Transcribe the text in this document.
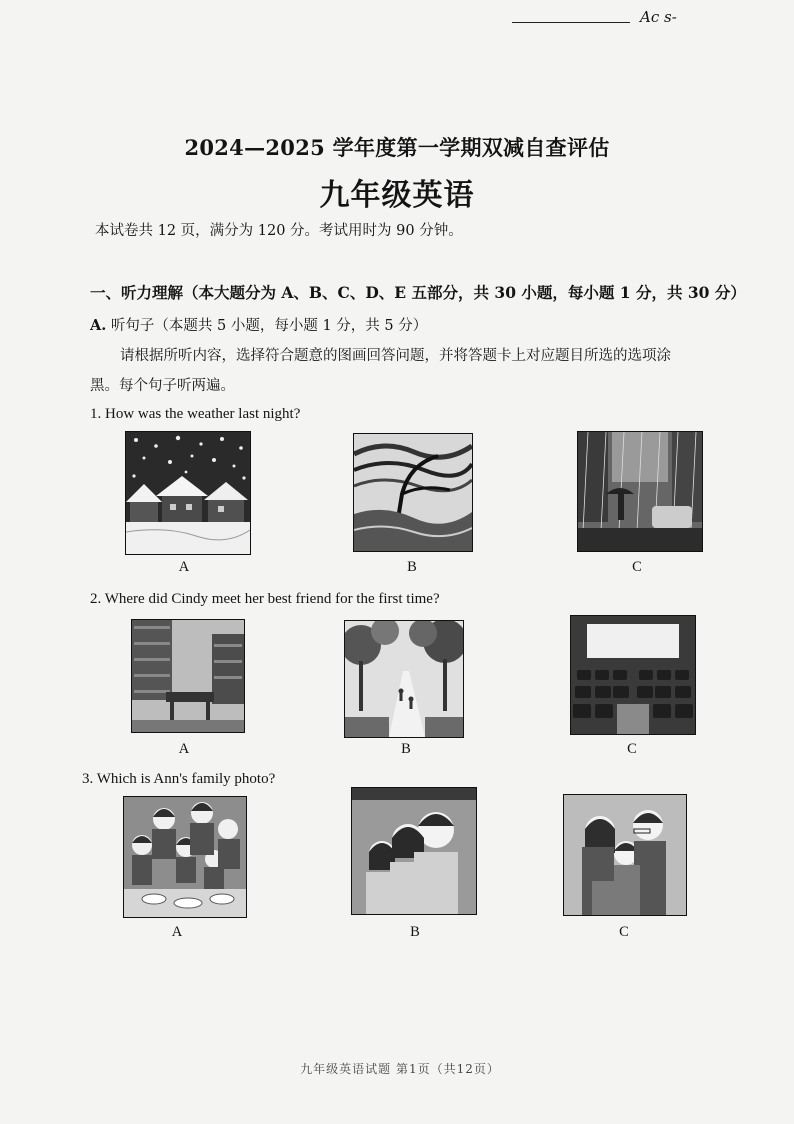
Ac s-
2024—2025 学年度第一学期双减自查评估
九年级英语
本试卷共 12 页，满分为 120 分。考试用时为 90 分钟。
一、听力理解（本大题分为 A、B、C、D、E 五部分，共 30 小题，每小题 1 分，共 30 分）
A. 听句子（本题共 5 小题，每小题 1 分，共 5 分）
请根据所听内容，选择符合题意的图画回答问题，并将答题卡上对应题目所选的选项涂
黑。每个句子听两遍。
1. How was the weather last night?
A	B	C
2. Where did Cindy meet her best friend for the first time?
A	B	C
3. Which is Ann's family photo?
A	B	C
九年级英语试题 第1页（共12页）
